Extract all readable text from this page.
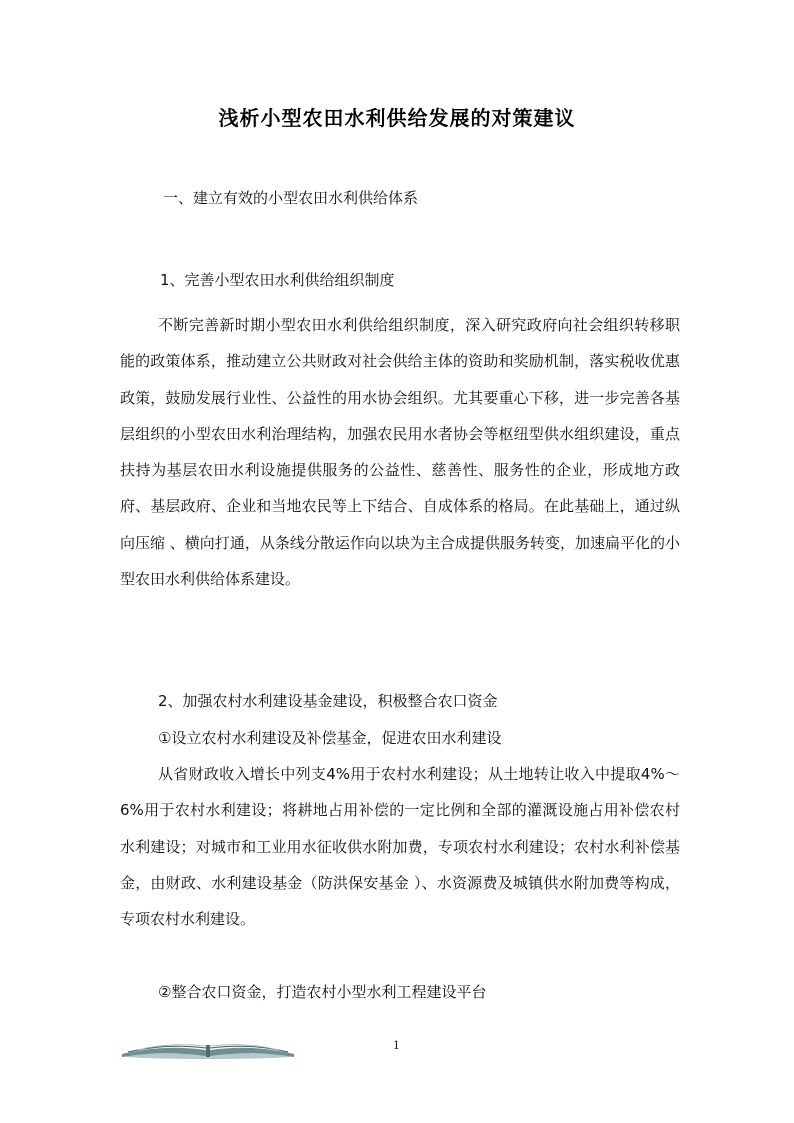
浅析小型农田水利供给发展的对策建议

一、建立有效的小型农田水利供给体系

1、完善小型农田水利供给组织制度

不断完善新时期小型农田水利供给组织制度，深入研究政府向社会组织转移职能的政策体系，推动建立公共财政对社会供给主体的资助和奖励机制，落实税收优惠政策，鼓励发展行业性、公益性的用水协会组织。尤其要重心下移，进一步完善各基层组织的小型农田水利治理结构，加强农民用水者协会等枢纽型供水组织建设，重点扶持为基层农田水利设施提供服务的公益性、慈善性、服务性的企业，形成地方政府、基层政府、企业和当地农民等上下结合、自成体系的格局。在此基础上，通过纵向压缩 、横向打通，从条线分散运作向以块为主合成提供服务转变，加速扁平化的小型农田水利供给体系建设。

2、加强农村水利建设基金建设，积极整合农口资金

①设立农村水利建设及补偿基金，促进农田水利建设

从省财政收入增长中列支4%用于农村水利建设；从土地转让收入中提取4%～6%用于农村水利建设；将耕地占用补偿的一定比例和全部的灌溉设施占用补偿农村水利建设；对城市和工业用水征收供水附加费，专项农村水利建设；农村水利补偿基金，由财政、水利建设基金（防洪保安基金 ）、水资源费及城镇供水附加费等构成，专项农村水利建设。

②整合农口资金，打造农村小型水利工程建设平台

1
